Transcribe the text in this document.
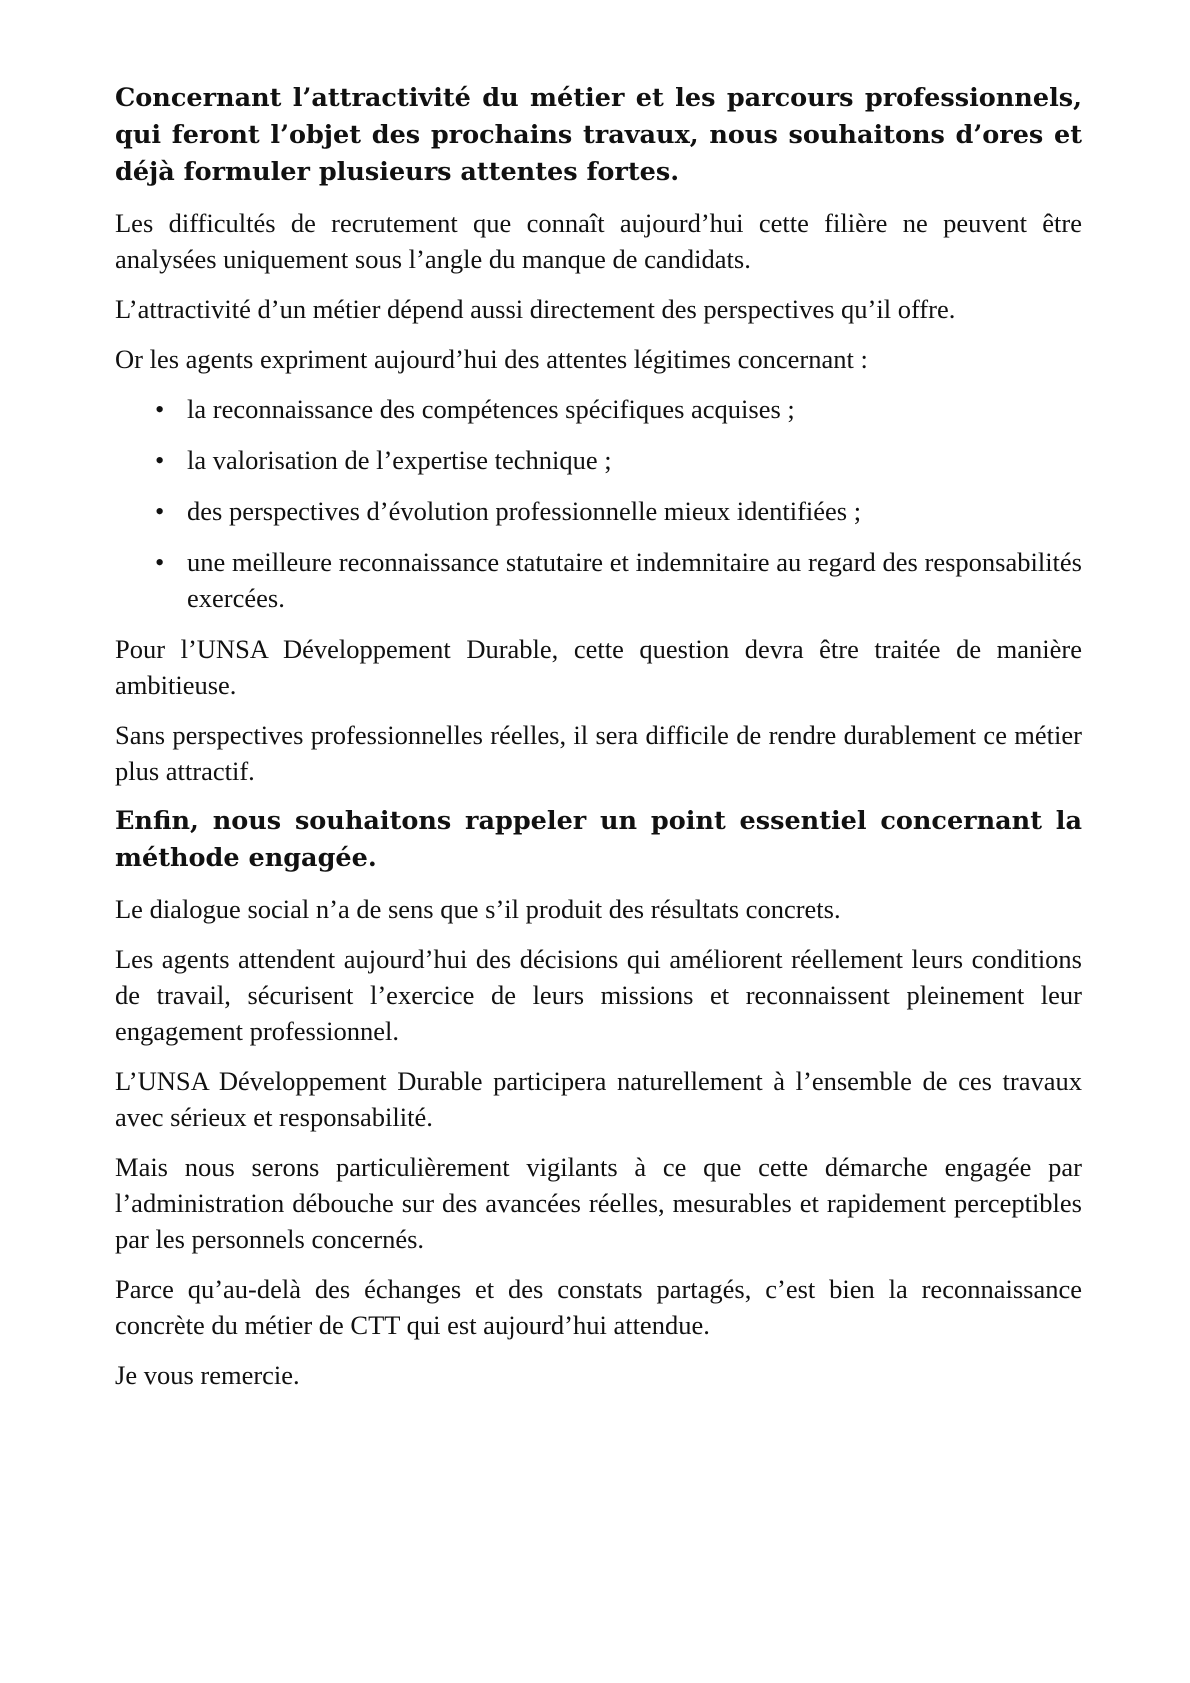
Concernant l’attractivité du métier et les parcours professionnels, qui feront l’objet des prochains travaux, nous souhaitons d’ores et déjà formuler plusieurs attentes fortes.

Les difficultés de recrutement que connaît aujourd’hui cette filière ne peuvent être analysées uniquement sous l’angle du manque de candidats.

L’attractivité d’un métier dépend aussi directement des perspectives qu’il offre.

Or les agents expriment aujourd’hui des attentes légitimes concernant :

• la reconnaissance des compétences spécifiques acquises ;
• la valorisation de l’expertise technique ;
• des perspectives d’évolution professionnelle mieux identifiées ;
• une meilleure reconnaissance statutaire et indemnitaire au regard des responsabilités exercées.

Pour l’UNSA Développement Durable, cette question devra être traitée de manière ambitieuse.

Sans perspectives professionnelles réelles, il sera difficile de rendre durablement ce métier plus attractif.

Enfin, nous souhaitons rappeler un point essentiel concernant la méthode engagée.

Le dialogue social n’a de sens que s’il produit des résultats concrets.

Les agents attendent aujourd’hui des décisions qui améliorent réellement leurs conditions de travail, sécurisent l’exercice de leurs missions et reconnaissent pleinement leur engagement professionnel.

L’UNSA Développement Durable participera naturellement à l’ensemble de ces travaux avec sérieux et responsabilité.

Mais nous serons particulièrement vigilants à ce que cette démarche engagée par l’administration débouche sur des avancées réelles, mesurables et rapidement perceptibles par les personnels concernés.

Parce qu’au-delà des échanges et des constats partagés, c’est bien la reconnaissance concrète du métier de CTT qui est aujourd’hui attendue.

Je vous remercie.
